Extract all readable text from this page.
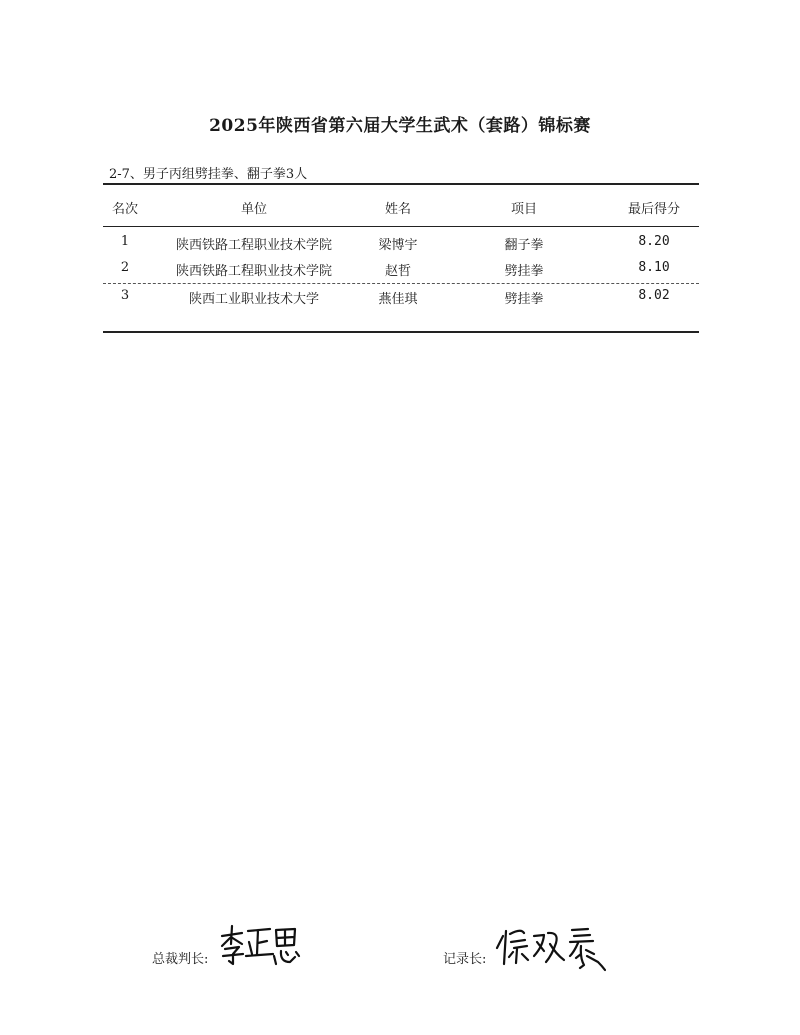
2025年陕西省第六届大学生武术（套路）锦标赛
2-7、男子丙组劈挂拳、翻子拳3人
名次	单位	姓名	项目	最后得分
1	陕西铁路工程职业技术学院	梁博宇	翻子拳	8.20
2	陕西铁路工程职业技术学院	赵哲	劈挂拳	8.10
3	陕西工业职业技术大学	燕佳琪	劈挂拳	8.02
总裁判长:	记录长:
